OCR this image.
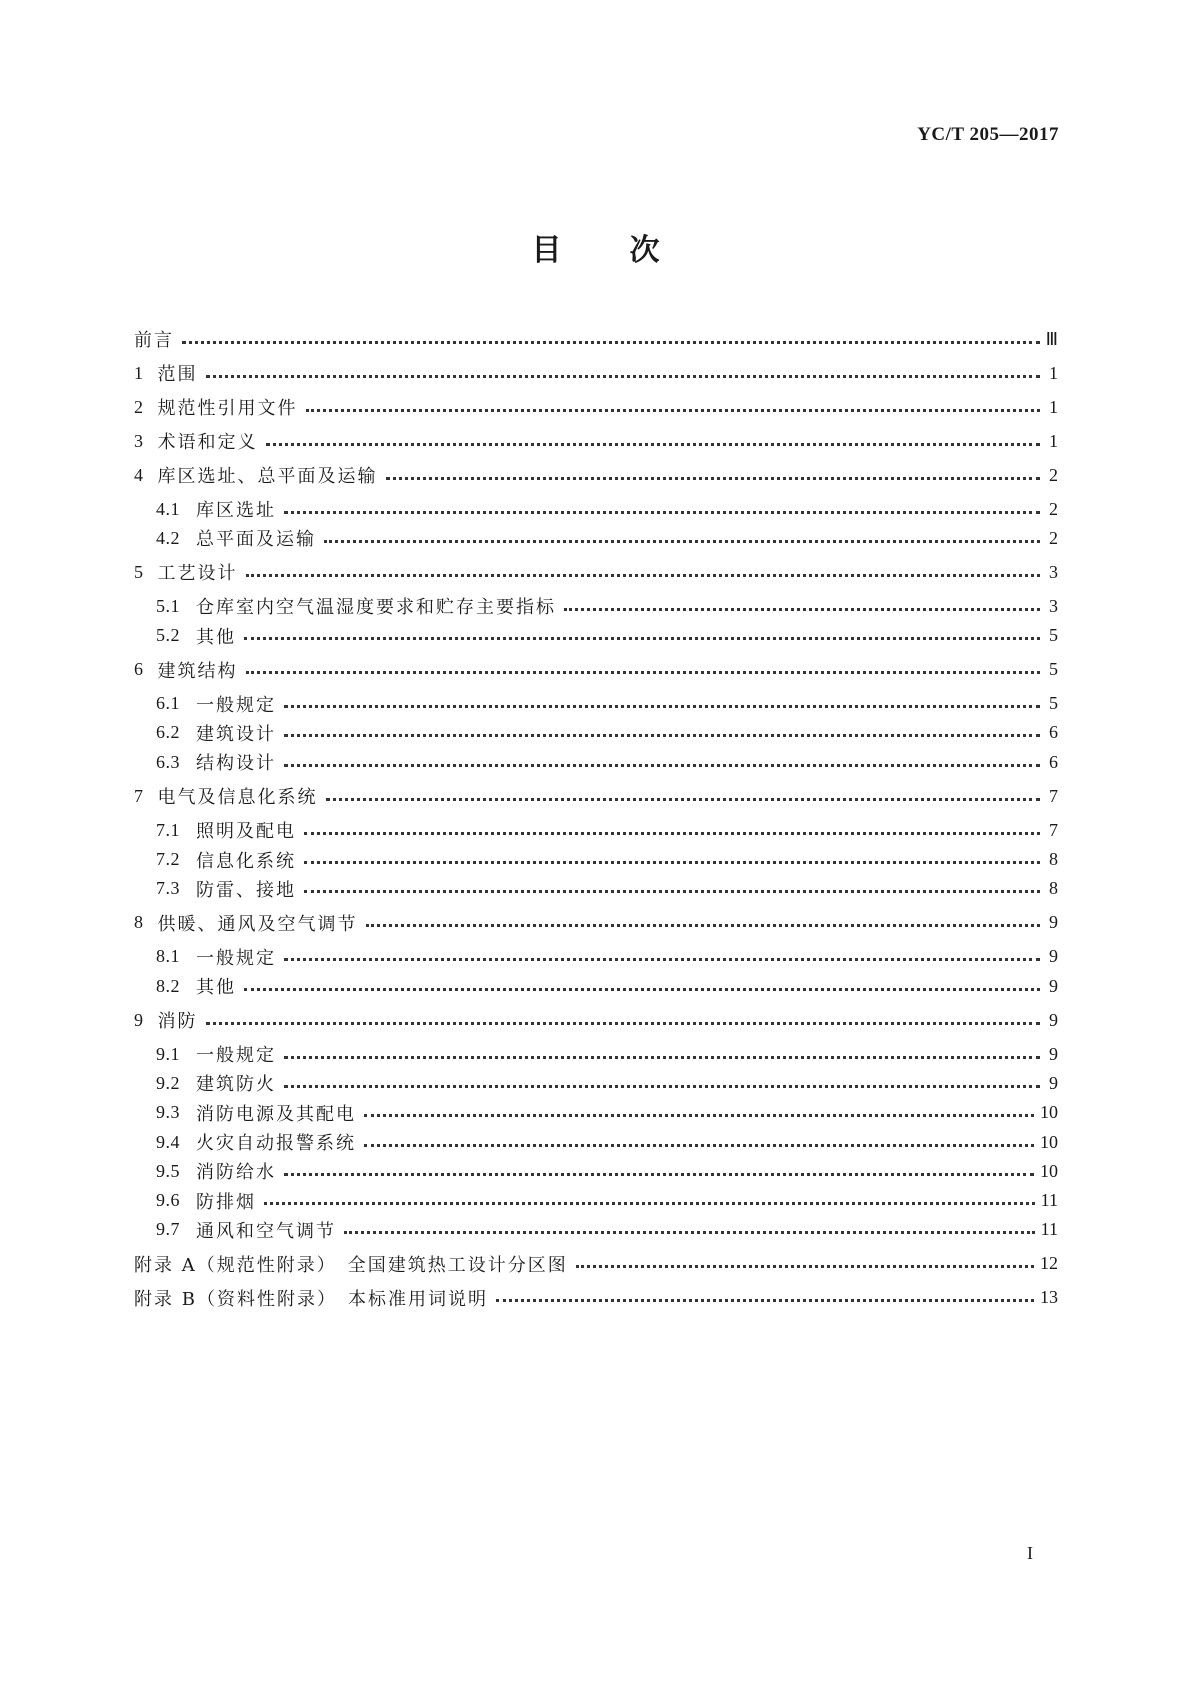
YC/T 205—2017
目 次
前言	Ⅲ
1 范围	1
2 规范性引用文件	1
3 术语和定义	1
4 库区选址、总平面及运输	2
4.1 库区选址	2
4.2 总平面及运输	2
5 工艺设计	3
5.1 仓库室内空气温湿度要求和贮存主要指标	3
5.2 其他	5
6 建筑结构	5
6.1 一般规定	5
6.2 建筑设计	6
6.3 结构设计	6
7 电气及信息化系统	7
7.1 照明及配电	7
7.2 信息化系统	8
7.3 防雷、接地	8
8 供暖、通风及空气调节	9
8.1 一般规定	9
8.2 其他	9
9 消防	9
9.1 一般规定	9
9.2 建筑防火	9
9.3 消防电源及其配电	10
9.4 火灾自动报警系统	10
9.5 消防给水	10
9.6 防排烟	11
9.7 通风和空气调节	11
附录 A（规范性附录）　全国建筑热工设计分区图	12
附录 B（资料性附录）　本标准用词说明	13
I
